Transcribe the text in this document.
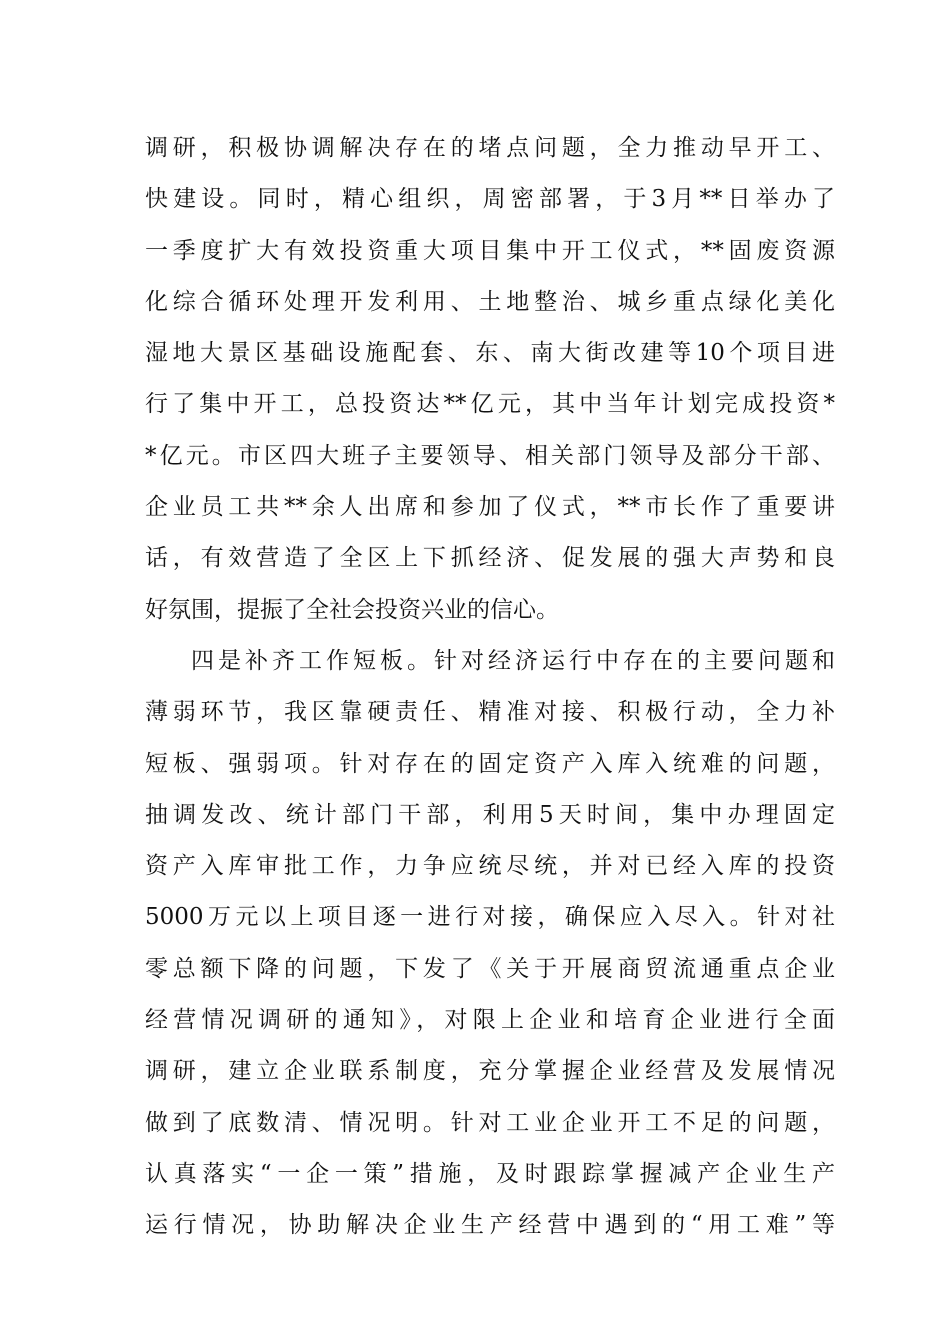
调研，积极协调解决存在的堵点问题，全力推动早开工、
快建设。同时，精心组织，周密部署，于3月**日举办了
一季度扩大有效投资重大项目集中开工仪式，**固废资源
化综合循环处理开发利用、土地整治、城乡重点绿化美化
湿地大景区基础设施配套、东、南大街改建等10个项目进
行了集中开工，总投资达**亿元，其中当年计划完成投资*
*亿元。市区四大班子主要领导、相关部门领导及部分干部、
企业员工共**余人出席和参加了仪式，**市长作了重要讲
话，有效营造了全区上下抓经济、促发展的强大声势和良
好氛围，提振了全社会投资兴业的信心。
四是补齐工作短板。针对经济运行中存在的主要问题和
薄弱环节，我区靠硬责任、精准对接、积极行动，全力补
短板、强弱项。针对存在的固定资产入库入统难的问题，
抽调发改、统计部门干部，利用5天时间，集中办理固定
资产入库审批工作，力争应统尽统，并对已经入库的投资
5000万元以上项目逐一进行对接，确保应入尽入。针对社
零总额下降的问题，下发了《关于开展商贸流通重点企业
经营情况调研的通知》，对限上企业和培育企业进行全面
调研，建立企业联系制度，充分掌握企业经营及发展情况
做到了底数清、情况明。针对工业企业开工不足的问题，
认真落实“一企一策”措施，及时跟踪掌握减产企业生产
运行情况，协助解决企业生产经营中遇到的“用工难”等
